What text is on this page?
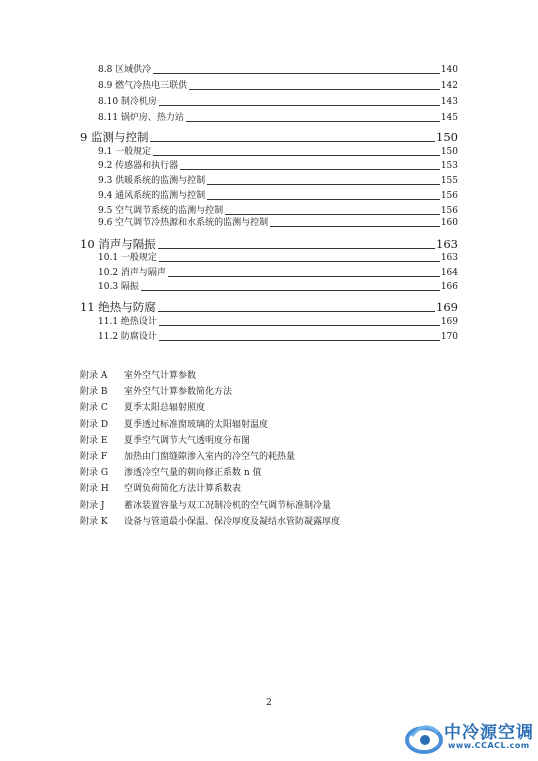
8.8 区域供冷	140
8.9 燃气冷热电三联供	142
8.10 制冷机房	143
8.11 锅炉房、热力站	145
9 监测与控制	150
9.1 一般规定	150
9.2 传感器和执行器	153
9.3 供暖系统的监测与控制	155
9.4 通风系统的监测与控制	156
9.5 空气调节系统的监测与控制	156
9.6 空气调节冷热源和水系统的监测与控制	160
10 消声与隔振	163
10.1 一般规定	163
10.2 消声与隔声	164
10.3 隔振	166
11 绝热与防腐	169
11.1 绝热设计	169
11.2 防腐设计	170
附录 A	室外空气计算参数
附录 B	室外空气计算参数简化方法
附录 C	夏季太阳总辐射照度
附录 D	夏季透过标准窗玻璃的太阳辐射温度
附录 E	夏季空气调节大气透明度分布图
附录 F	加热由门窗缝隙渗入室内的冷空气的耗热量
附录 G	渗透冷空气量的朝向修正系数 n 值
附录 H	空调负荷简化方法计算系数表
附录 J	蓄冰装置容量与双工况制冷机的空气调节标准制冷量
附录 K	设备与管道最小保温、保冷厚度及凝结水管防凝露厚度
2
中冷源空调
www.CCACL.com
